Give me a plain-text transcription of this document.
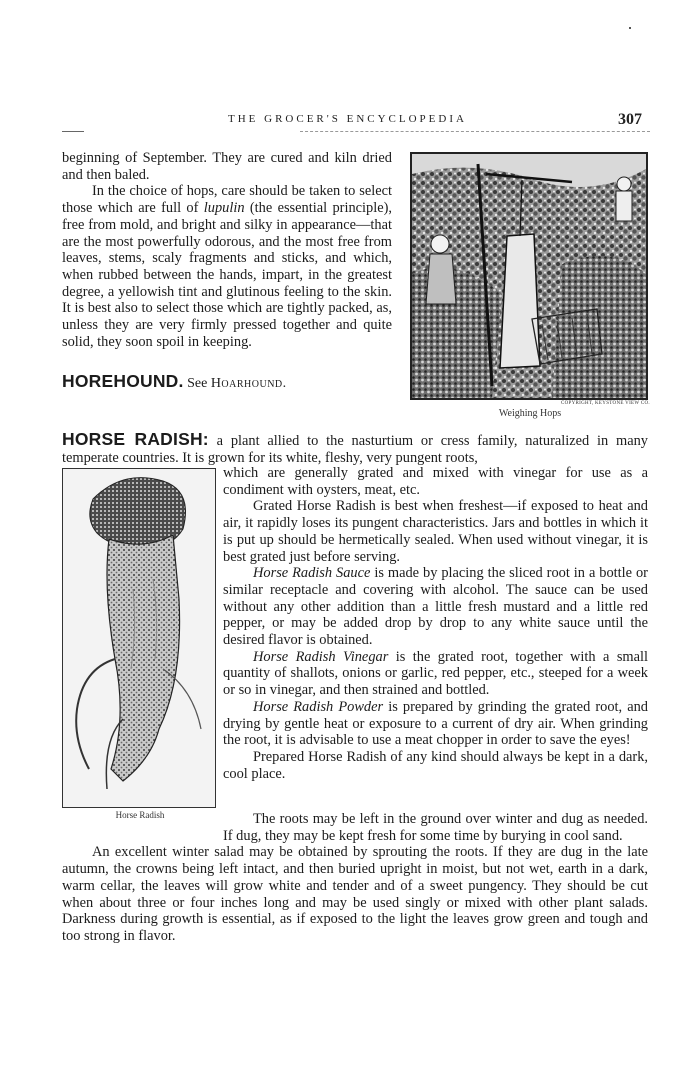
THE GROCER'S ENCYCLOPEDIA	307

beginning of September. They are cured and kiln dried and then baled.

In the choice of hops, care should be taken to select those which are full of lupulin (the essential principle), free from mold, and bright and silky in appearance—that are the most powerfully odorous, and the most free from leaves, stems, scaly fragments and sticks, and which, when rubbed between the hands, impart, in the greatest degree, a yellowish tint and glutinous feeling to the skin. It is best also to select those which are tightly packed, as, unless they are very firmly pressed together and quite solid, they soon spoil in keeping.

COPYRIGHT, KEYSTONE VIEW CO.
Weighing Hops
HOREHOUND. See Hoarhound.

HORSE RADISH: a plant allied to the nasturtium or cress family, naturalized in many temperate countries. It is grown for its white, fleshy, very pungent roots,

Horse Radish

which are generally grated and mixed with vinegar for use as a condiment with oysters, meat, etc.

Grated Horse Radish is best when freshest—if exposed to heat and air, it rapidly loses its pungent characteristics. Jars and bottles in which it is put up should be hermetically sealed. When used without vinegar, it is best grated just before serving.

Horse Radish Sauce is made by placing the sliced root in a bottle or similar receptacle and covering with alcohol. The sauce can be used without any other addition than a little fresh mustard and a little red pepper, or may be added drop by drop to any white sauce until the desired flavor is obtained.

Horse Radish Vinegar is the grated root, together with a small quantity of shallots, onions or garlic, red pepper, etc., steeped for a week or so in vinegar, and then strained and bottled.

Horse Radish Powder is prepared by grinding the grated root, and drying by gentle heat or exposure to a current of dry air. When grinding the root, it is advisable to use a meat chopper in order to save the eyes!

Prepared Horse Radish of any kind should always be kept in a dark, cool place.

The roots may be left in the ground over winter and dug as needed. If dug, they may be kept fresh for some time by burying in cool sand.

An excellent winter salad may be obtained by sprouting the roots. If they are dug in the late autumn, the crowns being left intact, and then buried upright in moist, but not wet, earth in a dark, warm cellar, the leaves will grow white and tender and of a sweet pungency. They should be cut when about three or four inches long and may be used singly or mixed with other plant salads. Darkness during growth is essential, as if exposed to the light the leaves grow green and tough and too strong in flavor.
